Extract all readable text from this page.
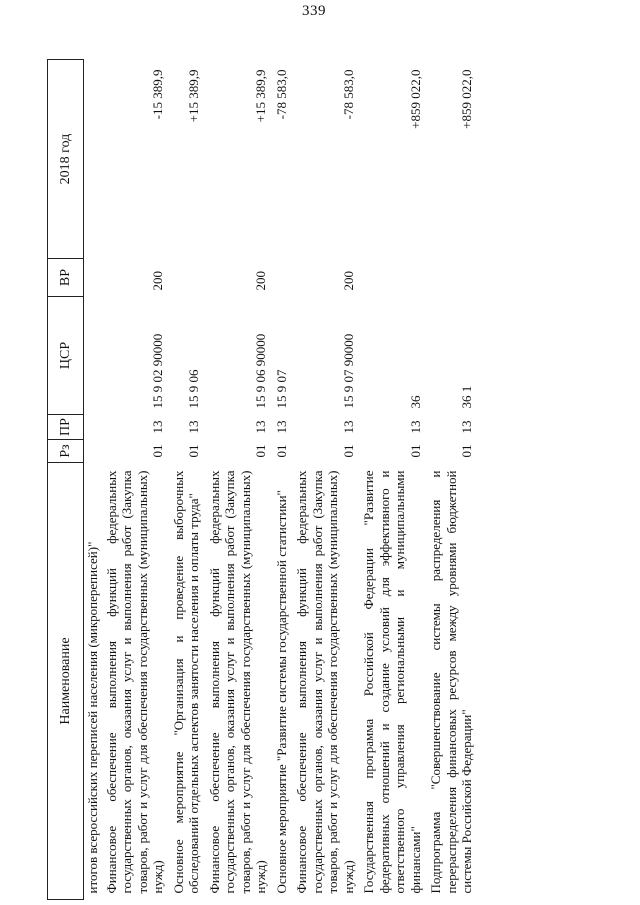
339
Наименование	Рз	ПР	ЦСР	ВР	2018 год
итогов всероссийских переписей населения (микропереписей)"					
Финансовое обеспечение выполнения функций федеральных государственных органов, оказания услуг и выполнения работ (Закупка товаров, работ и услуг для обеспечения государственных (муниципальных) нужд)	01	13	15 9 02 90000	200	-15 389,9
Основное мероприятие "Организация и проведение выборочных обследований отдельных аспектов занятости населения и оплаты труда"	01	13	15 9 06		+15 389,9
Финансовое обеспечение выполнения функций федеральных государственных органов, оказания услуг и выполнения работ (Закупка товаров, работ и услуг для обеспечения государственных (муниципальных) нужд)	01	13	15 9 06 90000	200	+15 389,9
Основное мероприятие "Развитие системы государственной статистики"	01	13	15 9 07		-78 583,0
Финансовое обеспечение выполнения функций федеральных государственных органов, оказания услуг и выполнения работ (Закупка товаров, работ и услуг для обеспечения государственных (муниципальных) нужд)	01	13	15 9 07 90000	200	-78 583,0
Государственная программа Российской Федерации "Развитие федеративных отношений и создание условий для эффективного и ответственного управления региональными и муниципальными финансами"	01	13	36		+859 022,0
Подпрограмма "Совершенствование системы распределения и перераспределения финансовых ресурсов между уровнями бюджетной системы Российской Федерации"	01	13	36 1		+859 022,0
